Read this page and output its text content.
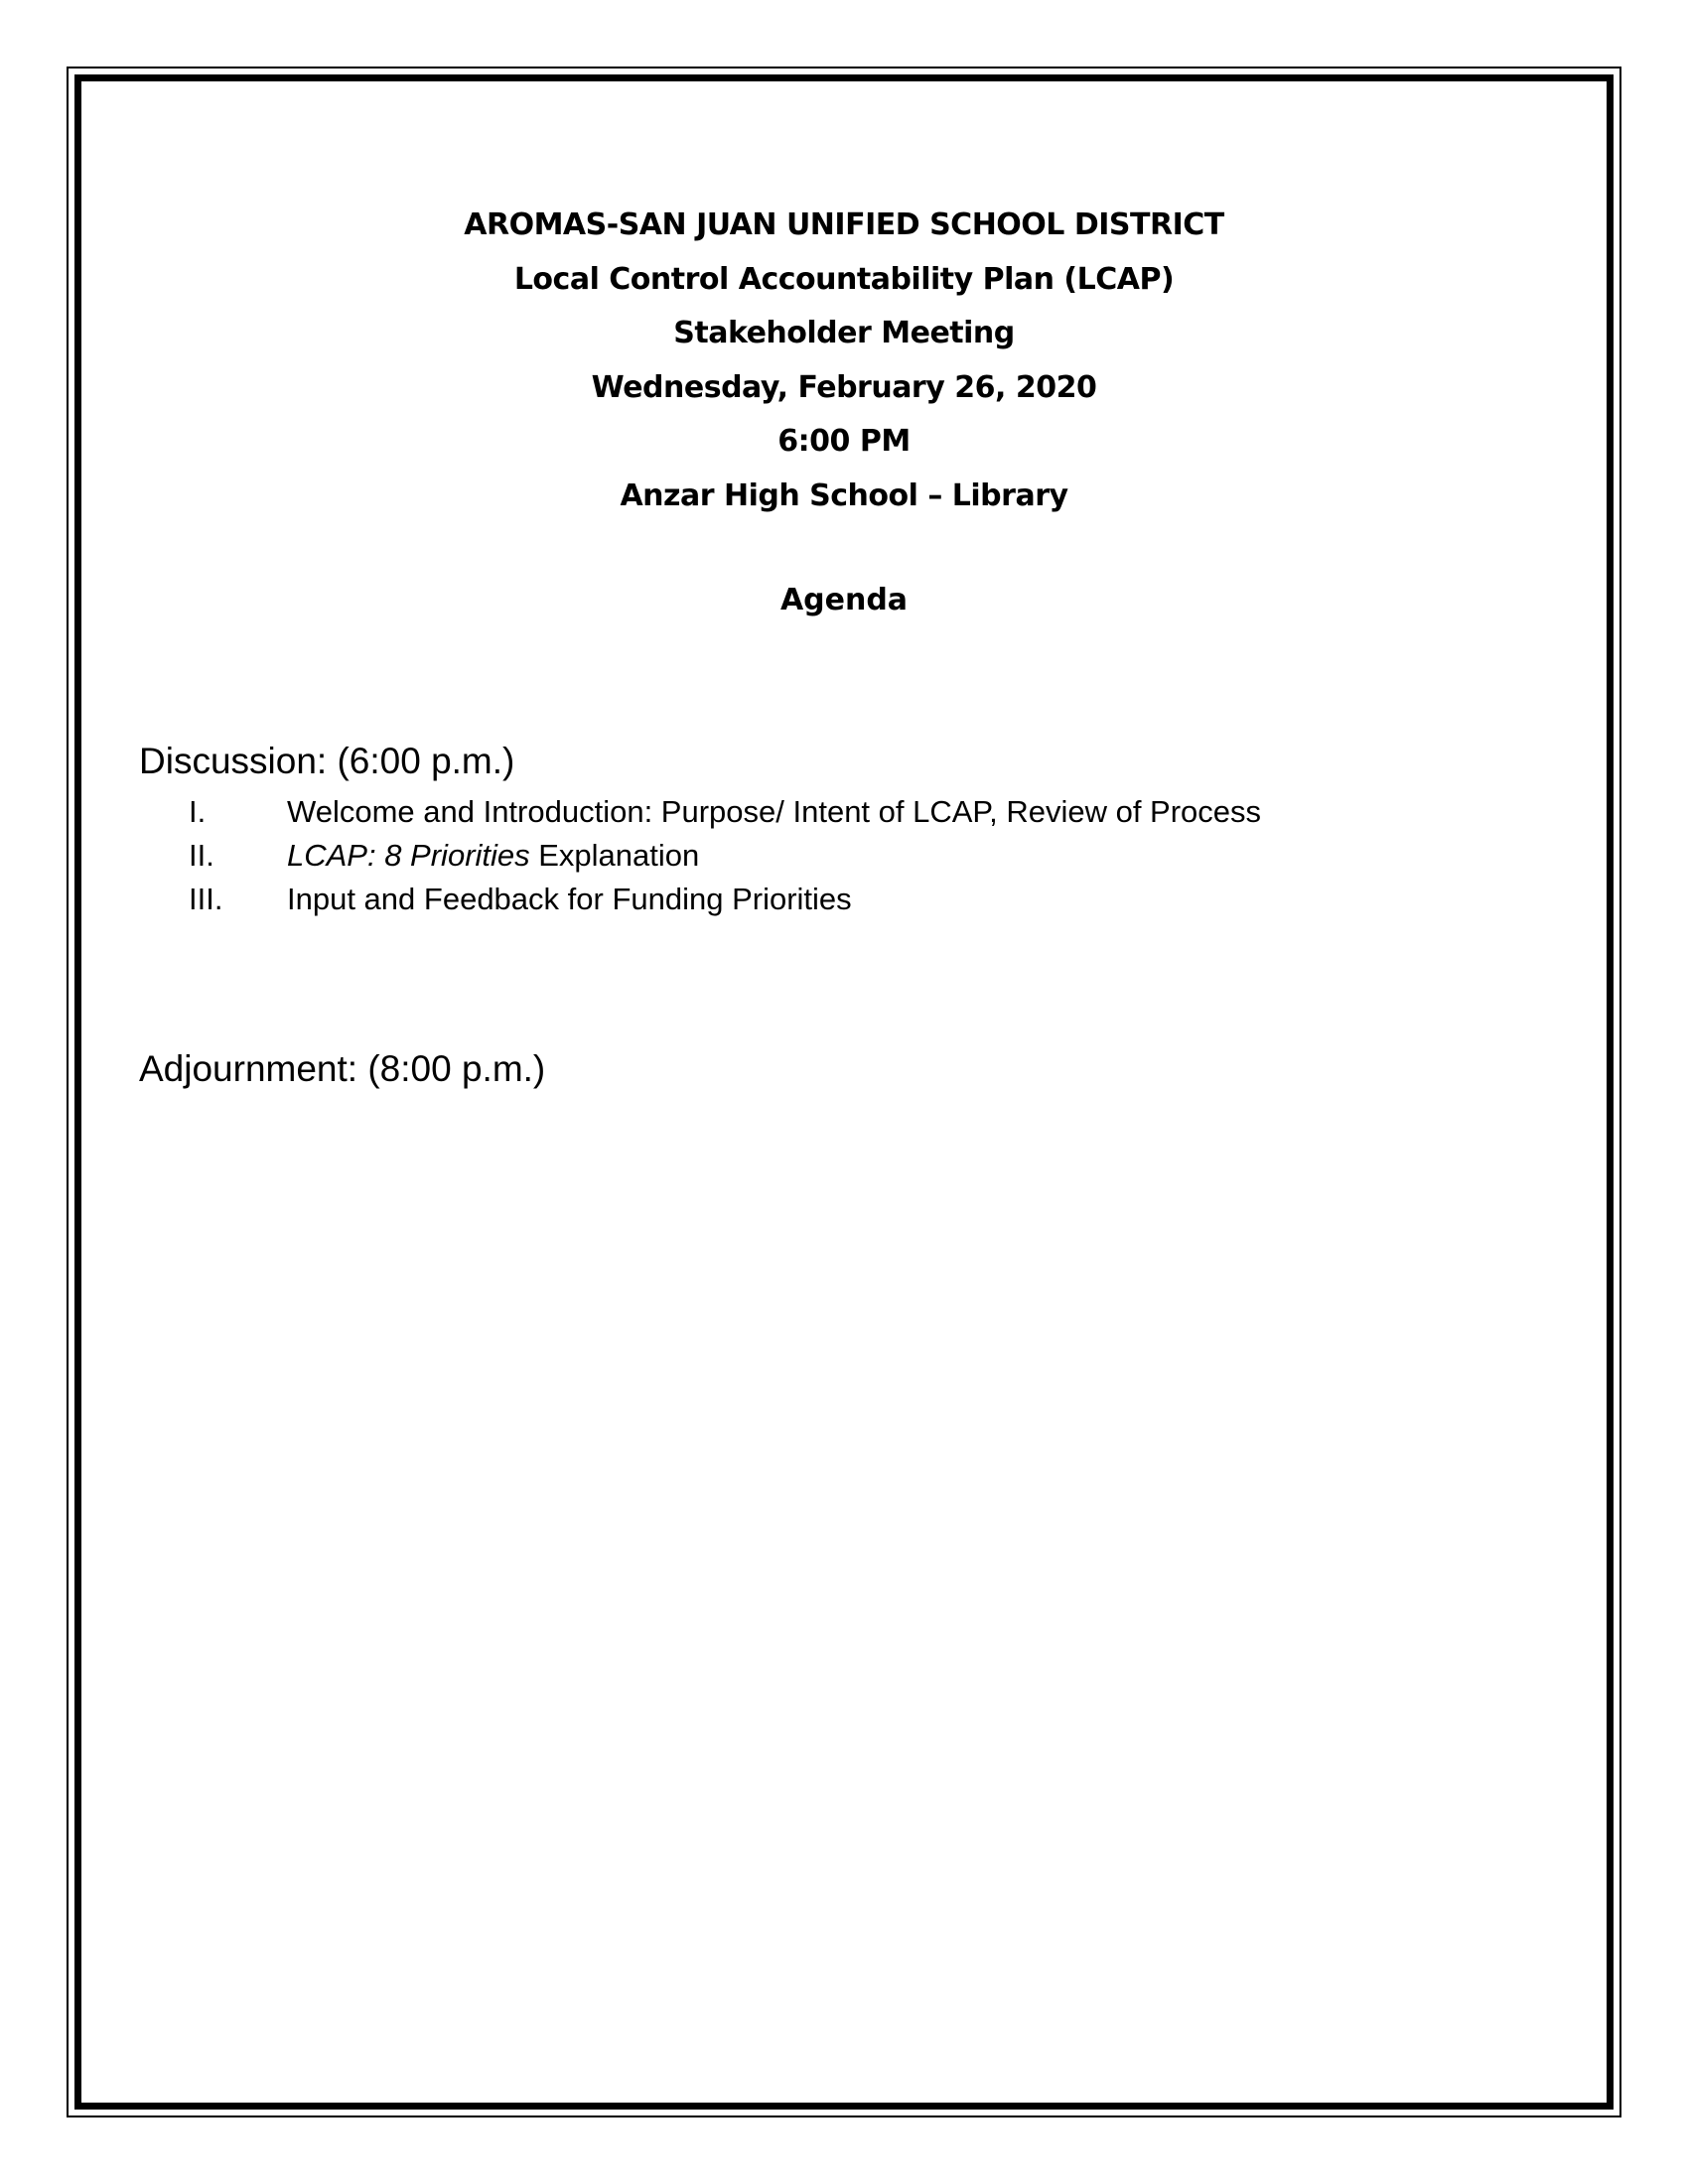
AROMAS-SAN JUAN UNIFIED SCHOOL DISTRICT
Local Control Accountability Plan (LCAP)
Stakeholder Meeting
Wednesday, February 26, 2020
6:00 PM
Anzar High School – Library
Agenda
Discussion: (6:00 p.m.)
I.	Welcome and Introduction: Purpose/ Intent of LCAP, Review of Process
II. LCAP: 8 Priorities Explanation
III. Input and Feedback for Funding Priorities
Adjournment: (8:00 p.m.)
